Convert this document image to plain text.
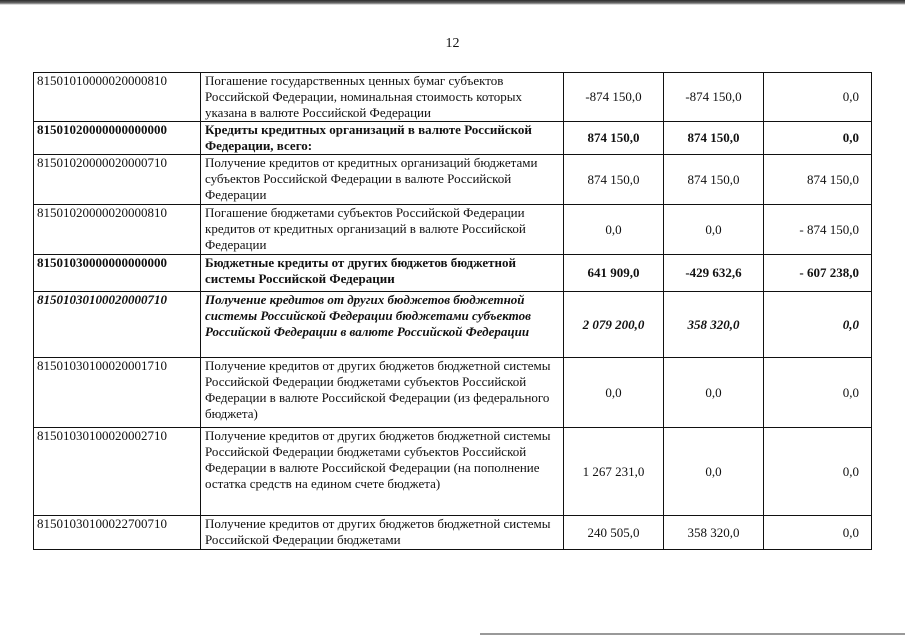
12
81501010000020000810	Погашение государственных ценных бумаг субъектов Российской Федерации, номинальная стоимость которых указана в валюте Российской Федерации	-874 150,0	-874 150,0	0,0
81501020000000000000	Кредиты кредитных организаций в валюте Российской Федерации, всего:	874 150,0	874 150,0	0,0
81501020000020000710	Получение кредитов от кредитных организаций бюджетами субъектов Российской Федерации в валюте Российской Федерации	874 150,0	874 150,0	874 150,0
81501020000020000810	Погашение бюджетами субъектов Российской Федерации кредитов от кредитных организаций в валюте Российской Федерации	0,0	0,0	- 874 150,0
81501030000000000000	Бюджетные кредиты от других бюджетов бюджетной системы Российской Федерации	641 909,0	-429 632,6	- 607 238,0
81501030100020000710	Получение кредитов от других бюджетов бюджетной системы Российской Федерации бюджетами субъектов Российской Федерации в валюте Российской Федерации	2 079 200,0	358 320,0	0,0
81501030100020001710	Получение кредитов от других бюджетов бюджетной системы Российской Федерации бюджетами субъектов Российской Федерации в валюте Российской Федерации (из федерального бюджета)	0,0	0,0	0,0
81501030100020002710	Получение кредитов от других бюджетов бюджетной системы Российской Федерации бюджетами субъектов Российской Федерации в валюте Российской Федерации (на пополнение остатка средств на едином счете бюджета)	1 267 231,0	0,0	0,0
81501030100022700710	Получение кредитов от других бюджетов бюджетной системы Российской Федерации бюджетами	240 505,0	358 320,0	0,0
